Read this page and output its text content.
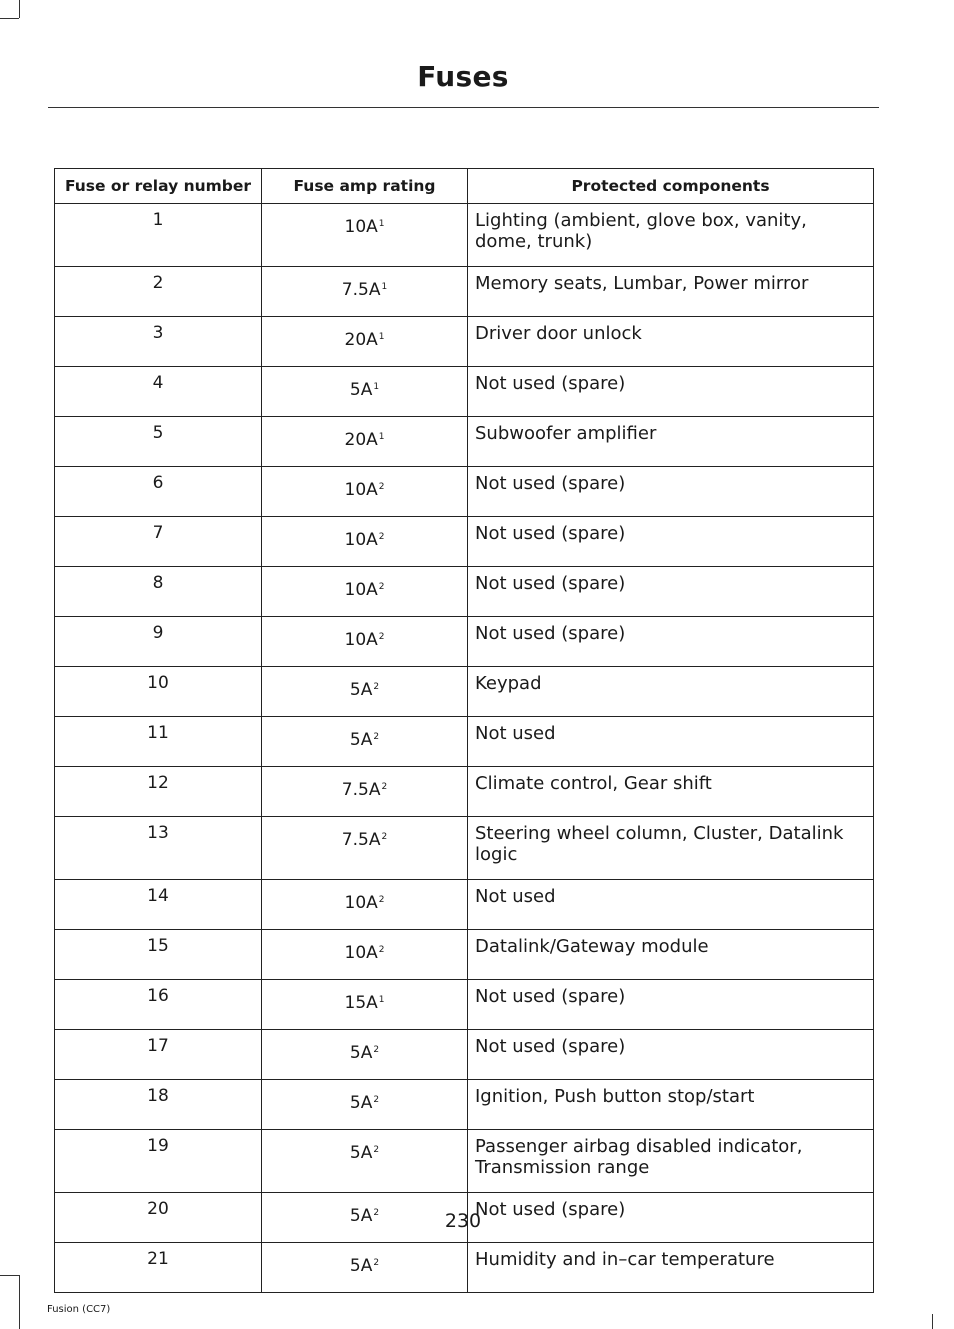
Fuses
Fuse or relay number	Fuse amp rating	Protected components
1	$10A^1$	Lighting (ambient, glove box, vanity, dome, trunk)
2	$7.5A^1$	Memory seats, Lumbar, Power mirror
3	$20A^1$	Driver door unlock
4	$5A^1$	Not used (spare)
5	$20A^1$	Subwoofer amplifier
6	$10A^2$	Not used (spare)
7	$10A^2$	Not used (spare)
8	$10A^2$	Not used (spare)
9	$10A^2$	Not used (spare)
10	$5A^2$	Keypad
11	$5A^2$	Not used
12	$7.5A^2$	Climate control, Gear shift
13	$7.5A^2$	Steering wheel column, Cluster, Datalink logic
14	$10A^2$	Not used
15	$10A^2$	Datalink/Gateway module
16	$15A^1$	Not used (spare)
17	$5A^2$	Not used (spare)
18	$5A^2$	Ignition, Push button stop/start
19	$5A^2$	Passenger airbag disabled indicator, Transmission range
20	$5A^2$	Not used (spare)
21	$5A^2$	Humidity and in–car temperature
230
Fusion (CC7)
